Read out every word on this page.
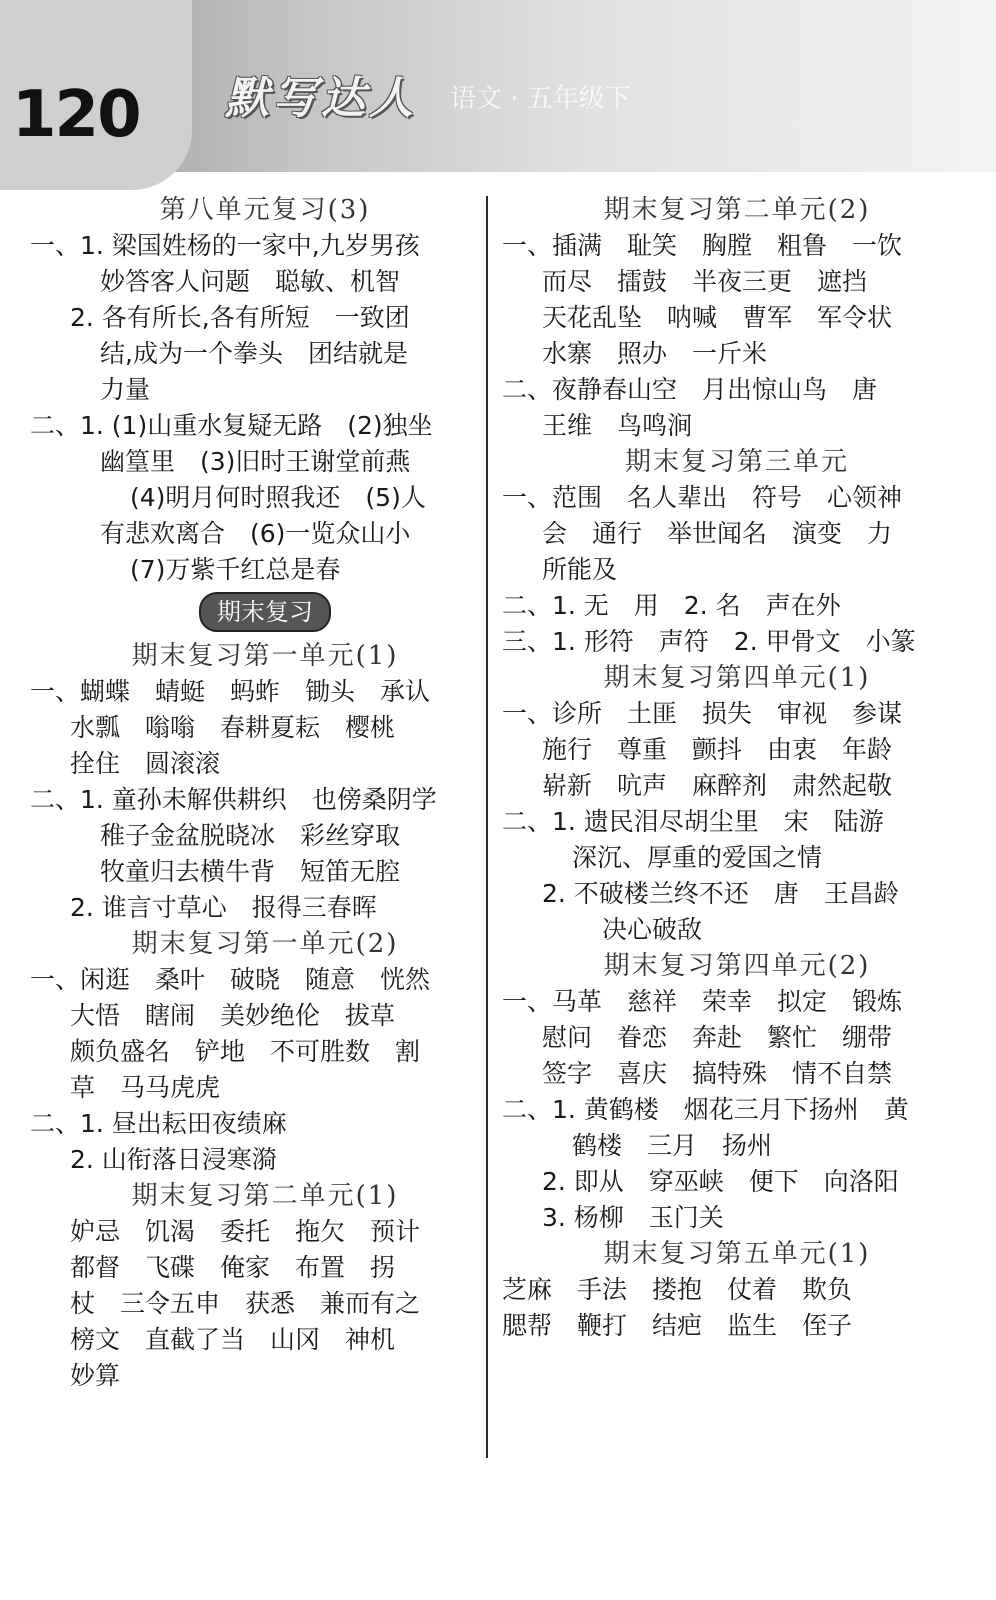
120 默写达人 语文 · 五年级下
第八单元复习(3)
一、1. 梁国姓杨的一家中,九岁男孩
妙答客人问题　聪敏、机智
2. 各有所长,各有所短　一致团
结,成为一个拳头　团结就是
力量
二、1. (1)山重水复疑无路　(2)独坐
幽篁里　(3)旧时王谢堂前燕
(4)明月何时照我还　(5)人
有悲欢离合　(6)一览众山小
(7)万紫千红总是春
期末复习
期末复习第一单元(1)
一、蝴蝶　蜻蜓　蚂蚱　锄头　承认
水瓢　嗡嗡　春耕夏耘　樱桃
拴住　圆滚滚
二、1. 童孙未解供耕织　也傍桑阴学
稚子金盆脱晓冰　彩丝穿取
牧童归去横牛背　短笛无腔
2. 谁言寸草心　报得三春晖
期末复习第一单元(2)
一、闲逛　桑叶　破晓　随意　恍然
大悟　瞎闹　美妙绝伦　拔草
颇负盛名　铲地　不可胜数　割
草　马马虎虎
二、1. 昼出耘田夜绩麻
2. 山衔落日浸寒漪
期末复习第二单元(1)
妒忌　饥渴　委托　拖欠　预计
都督　飞碟　俺家　布置　拐
杖　三令五申　获悉　兼而有之
榜文　直截了当　山冈　神机
妙算
期末复习第二单元(2)
一、插满　耻笑　胸膛　粗鲁　一饮
而尽　擂鼓　半夜三更　遮挡
天花乱坠　呐喊　曹军　军令状
水寨　照办　一斤米
二、夜静春山空　月出惊山鸟　唐
王维　鸟鸣涧
期末复习第三单元
一、范围　名人辈出　符号　心领神
会　通行　举世闻名　演变　力
所能及
二、1. 无　用　2. 名　声在外
三、1. 形符　声符　2. 甲骨文　小篆
期末复习第四单元(1)
一、诊所　土匪　损失　审视　参谋
施行　尊重　颤抖　由衷　年龄
崭新　吭声　麻醉剂　肃然起敬
二、1. 遗民泪尽胡尘里　宋　陆游
深沉、厚重的爱国之情
2. 不破楼兰终不还　唐　王昌龄
决心破敌
期末复习第四单元(2)
一、马革　慈祥　荣幸　拟定　锻炼
慰问　眷恋　奔赴　繁忙　绷带
签字　喜庆　搞特殊　情不自禁
二、1. 黄鹤楼　烟花三月下扬州　黄
鹤楼　三月　扬州
2. 即从　穿巫峡　便下　向洛阳
3. 杨柳　玉门关
期末复习第五单元(1)
芝麻　手法　搂抱　仗着　欺负
腮帮　鞭打　结疤　监生　侄子
